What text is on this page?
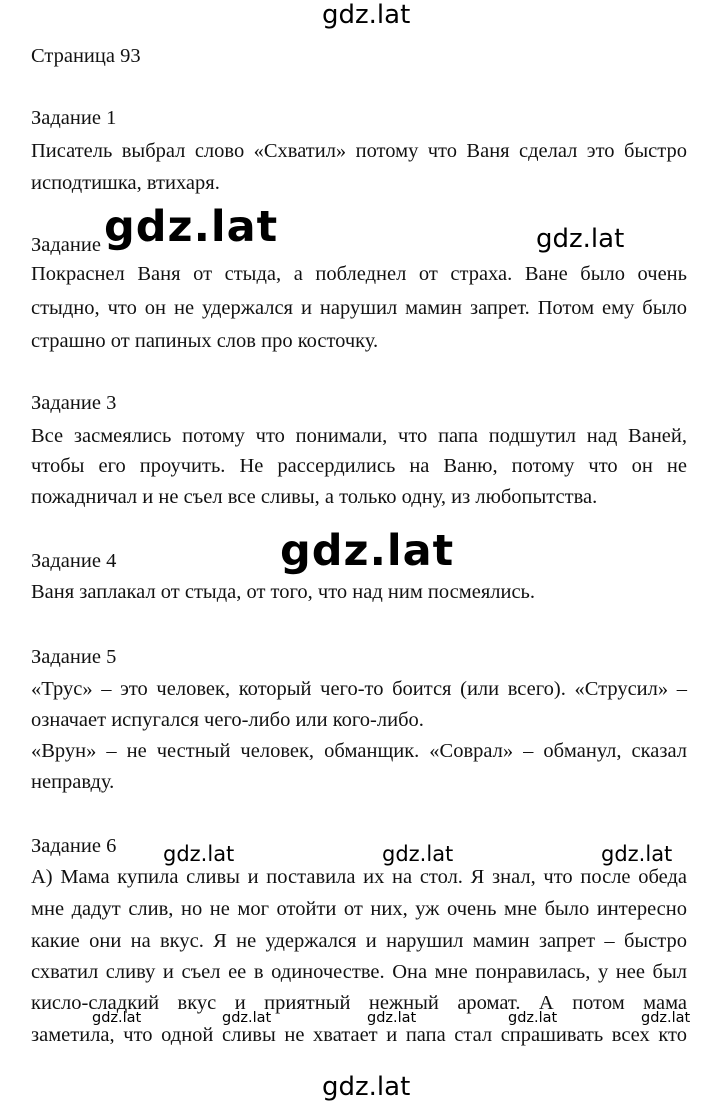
gdz.lat
gdz.lat	gdz.lat
gdz.lat
gdz.lat	gdz.lat	gdz.lat
gdz.lat	gdz.lat	gdz.lat	gdz.lat	gdz.lat
gdz.lat
Страница 93
Задание 1
Писатель выбрал слово «Схватил» потому что Ваня сделал это быстро
исподтишка, втихаря.
Задание
Покраснел Ваня от стыда, а побледнел от страха. Ване было очень
стыдно, что он не удержался и нарушил мамин запрет. Потом ему было
страшно от папиных слов про косточку.
Задание 3
Все засмеялись потому что понимали, что папа подшутил над Ваней,
чтобы его проучить. Не рассердились на Ваню, потому что он не
пожадничал и не съел все сливы, а только одну, из любопытства.
Задание 4
Ваня заплакал от стыда, от того, что над ним посмеялись.
Задание 5
«Трус» – это человек, который чего-то боится (или всего). «Струсил» –
означает испугался чего-либо или кого-либо.
«Врун» – не честный человек, обманщик. «Соврал» – обманул, сказал
неправду.
Задание 6
А) Мама купила сливы и поставила их на стол. Я знал, что после обеда
мне дадут слив, но не мог отойти от них, уж очень мне было интересно
какие они на вкус. Я не удержался и нарушил мамин запрет – быстро
схватил сливу и съел ее в одиночестве. Она мне понравилась, у нее был
кисло-сладкий вкус и приятный нежный аромат. А потом мама
заметила, что одной сливы не хватает и папа стал спрашивать всех кто
